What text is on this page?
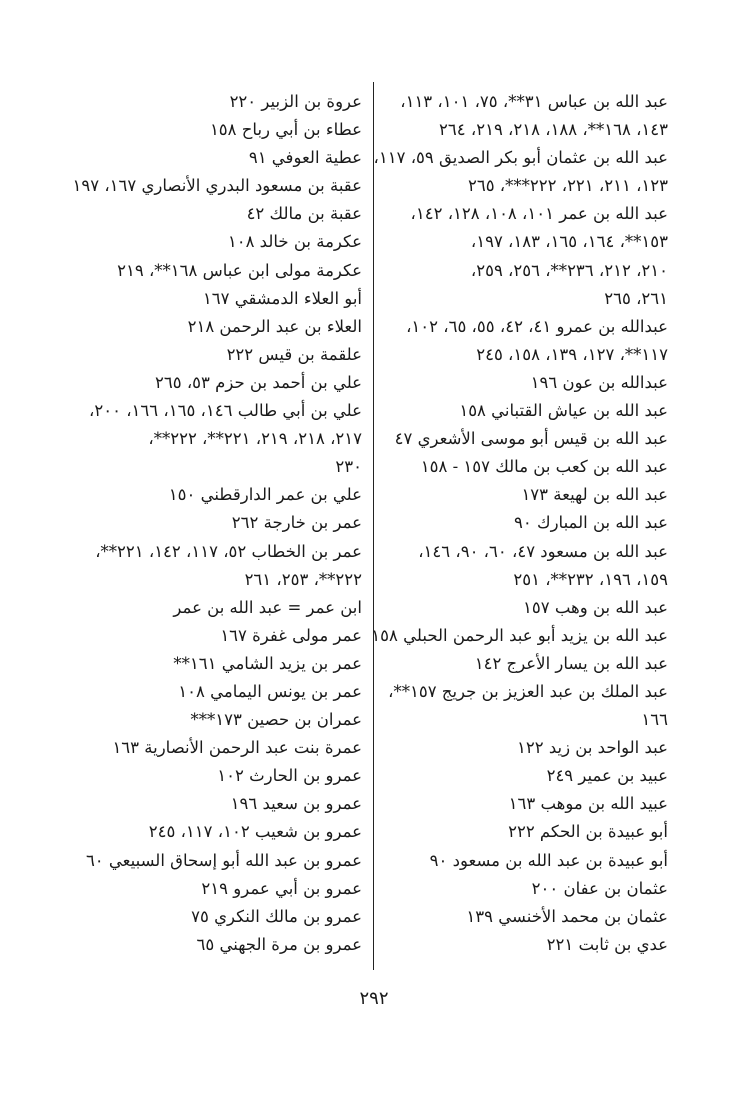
عبد الله بن عباس ٣١**، ٧٥، ١٠١، ١١٣،
١٤٣، ١٦٨**، ١٨٨، ٢١٨، ٢١٩، ٢٦٤
عبد الله بن عثمان أبو بكر الصديق ٥٩، ١١٧،
١٢٣، ٢١١، ٢٢١، ٢٢٢***، ٢٦٥
عبد الله بن عمر ١٠١، ١٠٨، ١٢٨، ١٤٢،
١٥٣**، ١٦٤، ١٦٥، ١٨٣، ١٩٧،
٢١٠، ٢١٢، ٢٣٦**، ٢٥٦، ٢٥٩،
٢٦١، ٢٦٥
عبدالله بن عمرو ٤١، ٤٢، ٥٥، ٦٥، ١٠٢،
١١٧**، ١٢٧، ١٣٩، ١٥٨، ٢٤٥
عبدالله بن عون ١٩٦
عبد الله بن عياش القتباني ١٥٨
عبد الله بن قيس أبو موسى الأشعري ٤٧
عبد الله بن كعب بن مالك ١٥٧ - ١٥٨
عبد الله بن لهيعة ١٧٣
عبد الله بن المبارك ٩٠
عبد الله بن مسعود ٤٧، ٦٠، ٩٠، ١٤٦،
١٥٩، ١٩٦، ٢٣٢**، ٢٥١
عبد الله بن وهب ١٥٧
عبد الله بن يزيد أبو عبد الرحمن الحبلي ١٥٨
عبد الله بن يسار الأعرج ١٤٢
عبد الملك بن عبد العزيز بن جريج ١٥٧**،
١٦٦
عبد الواحد بن زيد ١٢٢
عبيد بن عمير ٢٤٩
عبيد الله بن موهب ١٦٣
أبو عبيدة بن الحكم ٢٢٢
أبو عبيدة بن عبد الله بن مسعود ٩٠
عثمان بن عفان ٢٠٠
عثمان بن محمد الأخنسي ١٣٩
عدي بن ثابت ٢٢١
عروة بن الزبير ٢٢٠
عطاء بن أبي رباح ١٥٨
عطية العوفي ٩١
عقبة بن مسعود البدري الأنصاري ١٦٧، ١٩٧
عقبة بن مالك ٤٢
عكرمة بن خالد ١٠٨
عكرمة مولى ابن عباس ١٦٨**، ٢١٩
أبو العلاء الدمشقي ١٦٧
العلاء بن عبد الرحمن ٢١٨
علقمة بن قيس ٢٢٢
علي بن أحمد بن حزم ٥٣، ٢٦٥
علي بن أبي طالب ١٤٦، ١٦٥، ١٦٦، ٢٠٠،
٢١٧، ٢١٨، ٢١٩، ٢٢١**، ٢٢٢**،
٢٣٠
علي بن عمر الدارقطني ١٥٠
عمر بن خارجة ٢٦٢
عمر بن الخطاب ٥٢، ١١٧، ١٤٢، ٢٢١**،
٢٢٢**، ٢٥٣، ٢٦١
ابن عمر = عبد الله بن عمر
عمر مولى غفرة ١٦٧
عمر بن يزيد الشامي ١٦١**
عمر بن يونس اليمامي ١٠٨
عمران بن حصين ١٧٣***
عمرة بنت عبد الرحمن الأنصارية ١٦٣
عمرو بن الحارث ١٠٢
عمرو بن سعيد ١٩٦
عمرو بن شعيب ١٠٢، ١١٧، ٢٤٥
عمرو بن عبد الله أبو إسحاق السبيعي ٦٠
عمرو بن أبي عمرو ٢١٩
عمرو بن مالك النكري ٧٥
عمرو بن مرة الجهني ٦٥
٢٩٢
